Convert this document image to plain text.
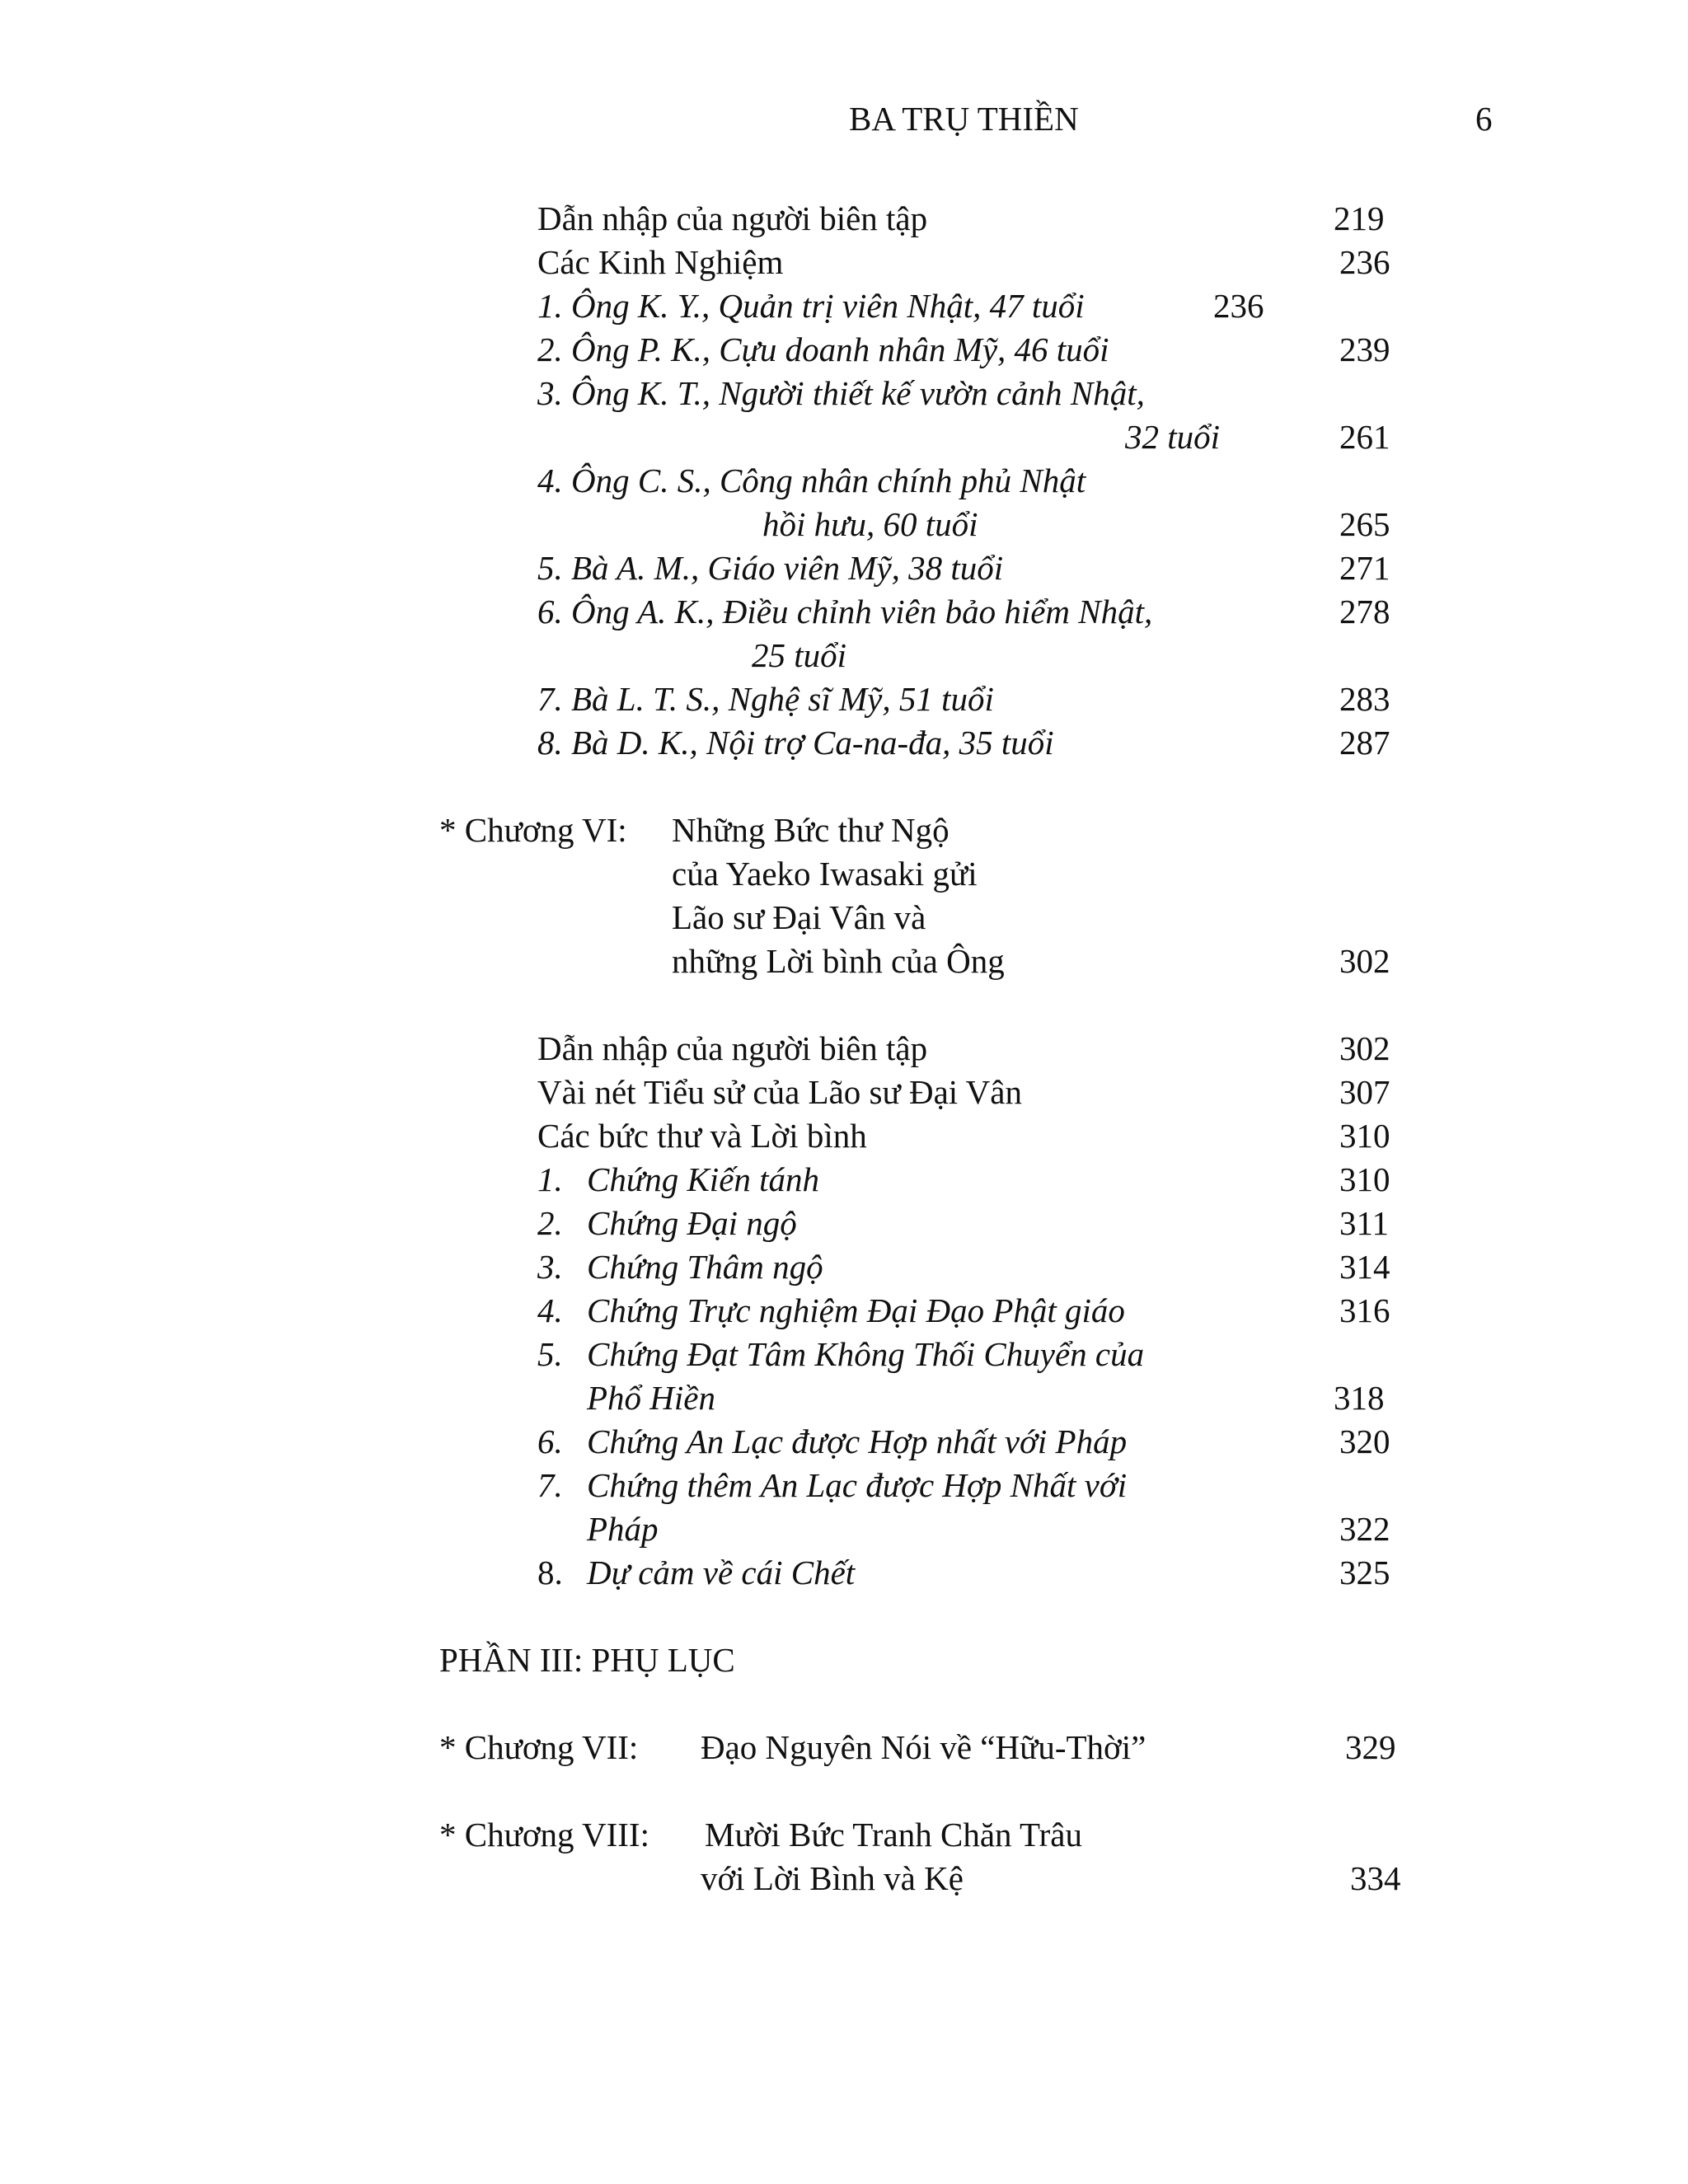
BA TRỤ THIỀN	6
Dẫn nhập của người biên tập	219
Các Kinh Nghiệm	236
1. Ông K. Y., Quản trị viên Nhật, 47 tuổi	236
2. Ông P. K., Cựu doanh nhân Mỹ, 46 tuổi	239
3. Ông K. T., Người thiết kế vườn cảnh Nhật,
32 tuổi	261
4. Ông C. S., Công nhân chính phủ Nhật
hồi hưu, 60 tuổi	265
5. Bà A. M., Giáo viên Mỹ, 38 tuổi	271
6. Ông A. K., Điều chỉnh viên bảo hiểm Nhật,	278
25 tuổi
7. Bà L. T. S., Nghệ sĩ Mỹ, 51 tuổi	283
8. Bà D. K., Nội trợ Ca-na-đa, 35 tuổi	287
* Chương VI: Những Bức thư Ngộ
của Yaeko Iwasaki gửi
Lão sư Đại Vân và
những Lời bình của Ông	302
Dẫn nhập của người biên tập	302
Vài nét Tiểu sử của Lão sư Đại Vân	307
Các bức thư và Lời bình	310
1. Chứng Kiến tánh	310
2. Chứng Đại ngộ	311
3. Chứng Thâm ngộ	314
4. Chứng Trực nghiệm Đại Đạo Phật giáo	316
5. Chứng Đạt Tâm Không Thối Chuyển của
Phổ Hiền	318
6. Chứng An Lạc được Hợp nhất với Pháp	320
7. Chứng thêm An Lạc được Hợp Nhất với
Pháp	322
8. Dự cảm về cái Chết	325
PHẦN III: PHỤ LỤC
* Chương VII: Đạo Nguyên Nói về “Hữu-Thời”	329
* Chương VIII: Mười Bức Tranh Chăn Trâu
với Lời Bình và Kệ	334
